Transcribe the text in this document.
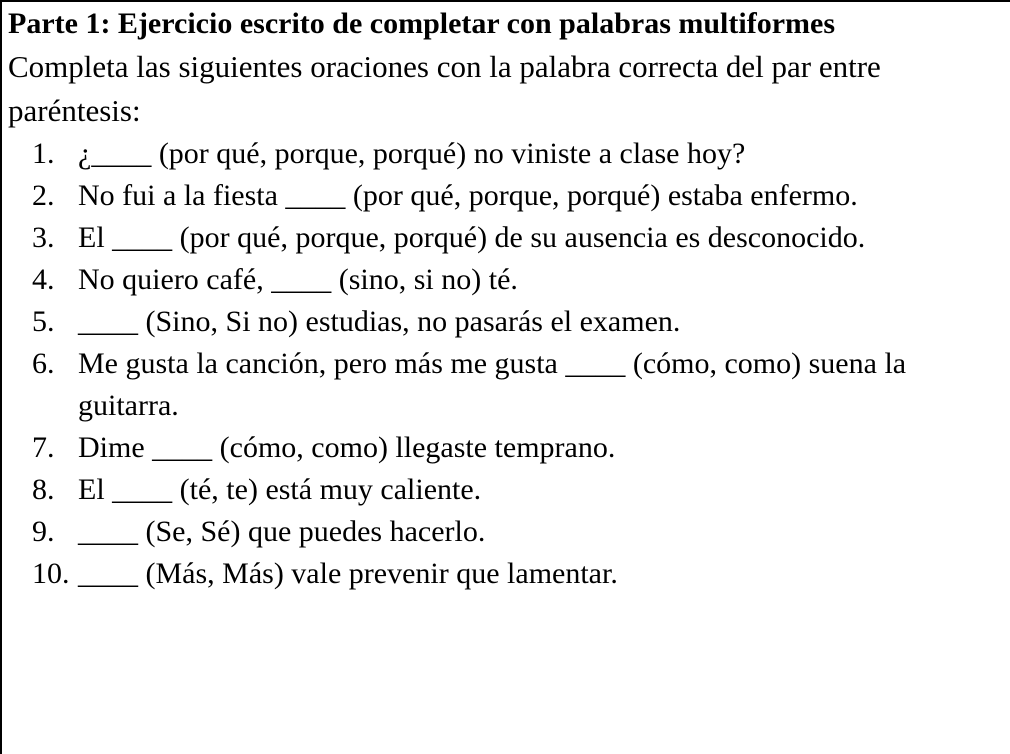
Parte 1: Ejercicio escrito de completar con palabras multiformes

Completa las siguientes oraciones con la palabra correcta del par entre paréntesis:

1. ¿____ (por qué, porque, porqué) no viniste a clase hoy?
2. No fui a la fiesta ____ (por qué, porque, porqué) estaba enfermo.
3. El ____ (por qué, porque, porqué) de su ausencia es desconocido.
4. No quiero café, ____ (sino, si no) té.
5. ____ (Sino, Si no) estudias, no pasarás el examen.
6. Me gusta la canción, pero más me gusta ____ (cómo, como) suena la guitarra.
7. Dime ____ (cómo, como) llegaste temprano.
8. El ____ (té, te) está muy caliente.
9. ____ (Se, Sé) que puedes hacerlo.
10. ____ (Más, Más) vale prevenir que lamentar.
